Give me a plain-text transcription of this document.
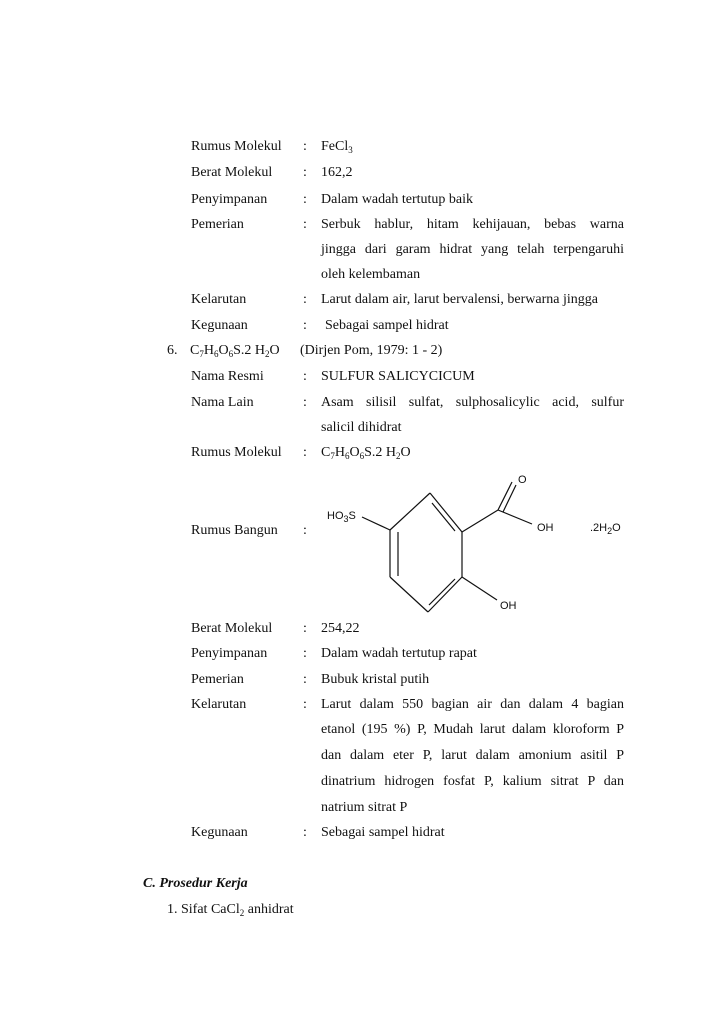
Rumus Molekul : FeCl$_3$
Berat Molekul : 162,2
Penyimpanan	: Dalam wadah tertutup baik
Pemerian	: Serbuk hablur, hitam kehijauan, bebas warna
jingga dari garam hidrat yang telah terpengaruhi
oleh kelembaman
Kelarutan	: Larut dalam air, larut bervalensi, berwarna jingga
Kegunaan	: Sebagai sampel hidrat
6. $C_7H_6O_6S.2$ $H_2O$ (Dirjen Pom, 1979: 1 - 2)
Nama Resmi	: SULFUR SALICYCICUM
Nama Lain	: Asam silisil sulfat, sulphosalicylic acid, sulfur
salicil dihidrat
Rumus Molekul : $C_7H_6O_6S.2$ $H_2O$
Rumus Bangun :
O
$HO_3S$
OH	$.2H_2O$
OH
Berat Molekul : 254,22
Penyimpanan	: Dalam wadah tertutup rapat
Pemerian	: Bubuk kristal putih
Kelarutan	: Larut dalam 550 bagian air dan dalam 4 bagian
etanol (195 %) P, Mudah larut dalam kloroform P
dan dalam eter P, larut dalam amonium asitil P
dinatrium hidrogen fosfat P, kalium sitrat P dan
natrium sitrat P
Kegunaan	: Sebagai sampel hidrat
C. Prosedur Kerja
1. Sifat CaCl$_2$ anhidrat
